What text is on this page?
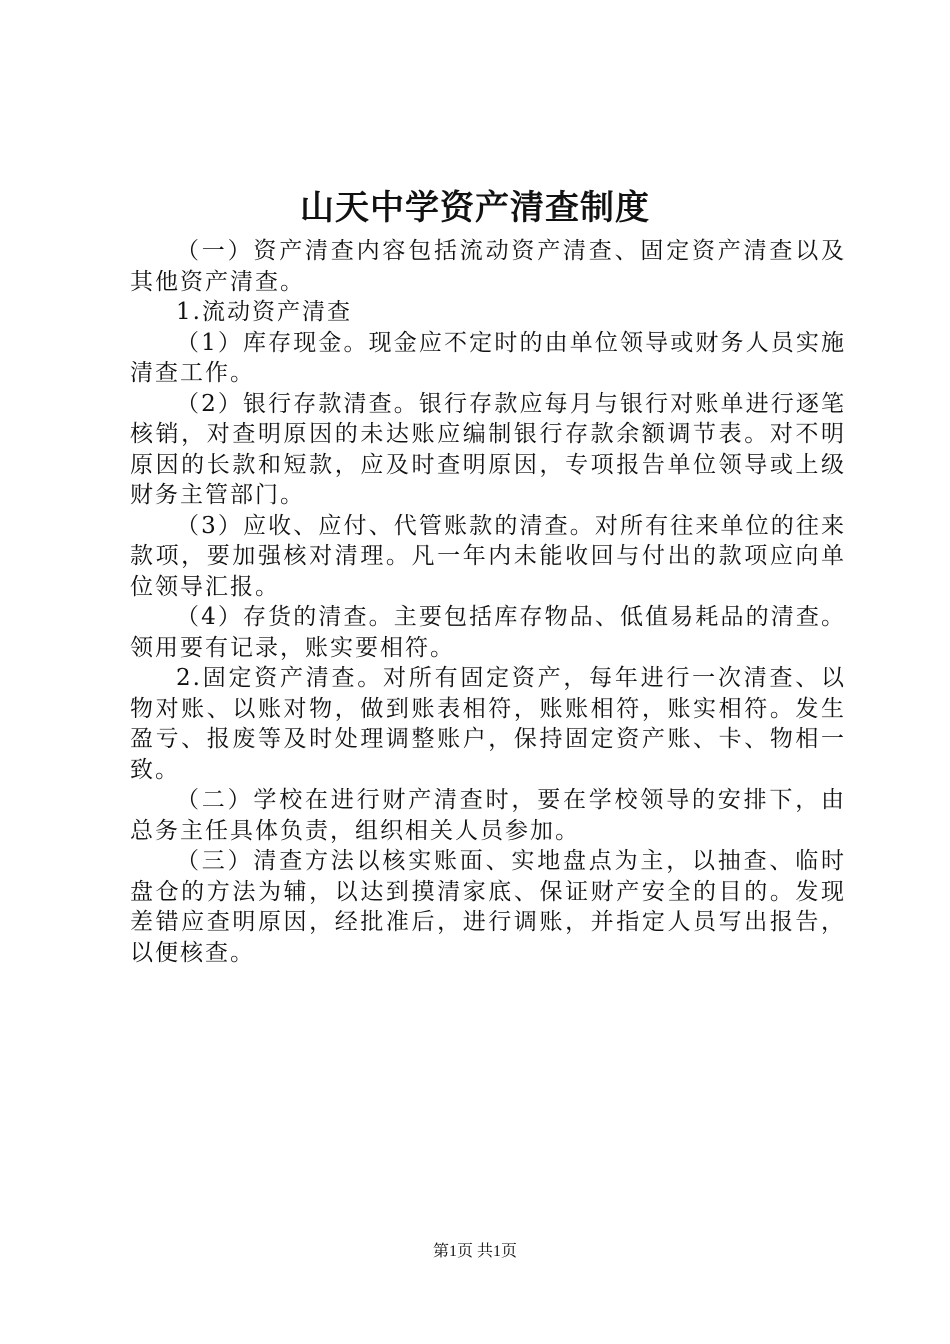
山天中学资产清查制度

（一）资产清查内容包括流动资产清查、固定资产清查以及其他资产清查。

1.流动资产清查

（1）库存现金。现金应不定时的由单位领导或财务人员实施清查工作。

（2）银行存款清查。银行存款应每月与银行对账单进行逐笔核销，对查明原因的未达账应编制银行存款余额调节表。对不明原因的长款和短款，应及时查明原因，专项报告单位领导或上级财务主管部门。

（3）应收、应付、代管账款的清查。对所有往来单位的往来款项，要加强核对清理。凡一年内未能收回与付出的款项应向单位领导汇报。

（4）存货的清查。主要包括库存物品、低值易耗品的清查。领用要有记录，账实要相符。

2.固定资产清查。对所有固定资产，每年进行一次清查、以物对账、以账对物，做到账表相符，账账相符，账实相符。发生盈亏、报废等及时处理调整账户，保持固定资产账、卡、物相一致。

（二）学校在进行财产清查时，要在学校领导的安排下，由总务主任具体负责，组织相关人员参加。

（三）清查方法以核实账面、实地盘点为主，以抽查、临时盘仓的方法为辅，以达到摸清家底、保证财产安全的目的。发现差错应查明原因，经批准后，进行调账，并指定人员写出报告，以便核查。

第1页 共1页
